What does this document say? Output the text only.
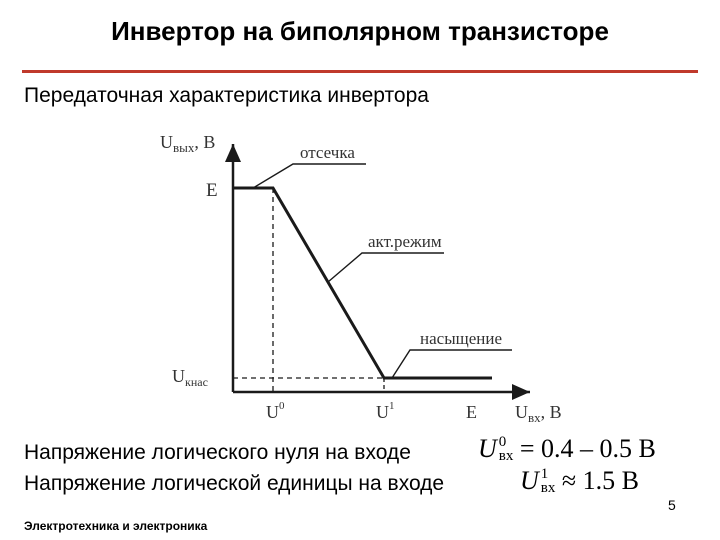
Инвертор на биполярном транзисторе
Передаточная характеристика инвертора
$U_{вых}$, В
E
$U_{кнас}$
$U^0$	$U^1$	E $U_{вх}$, В
отсечка
акт.режим
насыщение
Напряжение логического нуля на входе	U 0
вх = 0.4 – 0.5 В
Напряжение логической единицы на входе	U 1
вх ≈ 1.5 В
5
Электротехника и электроника
